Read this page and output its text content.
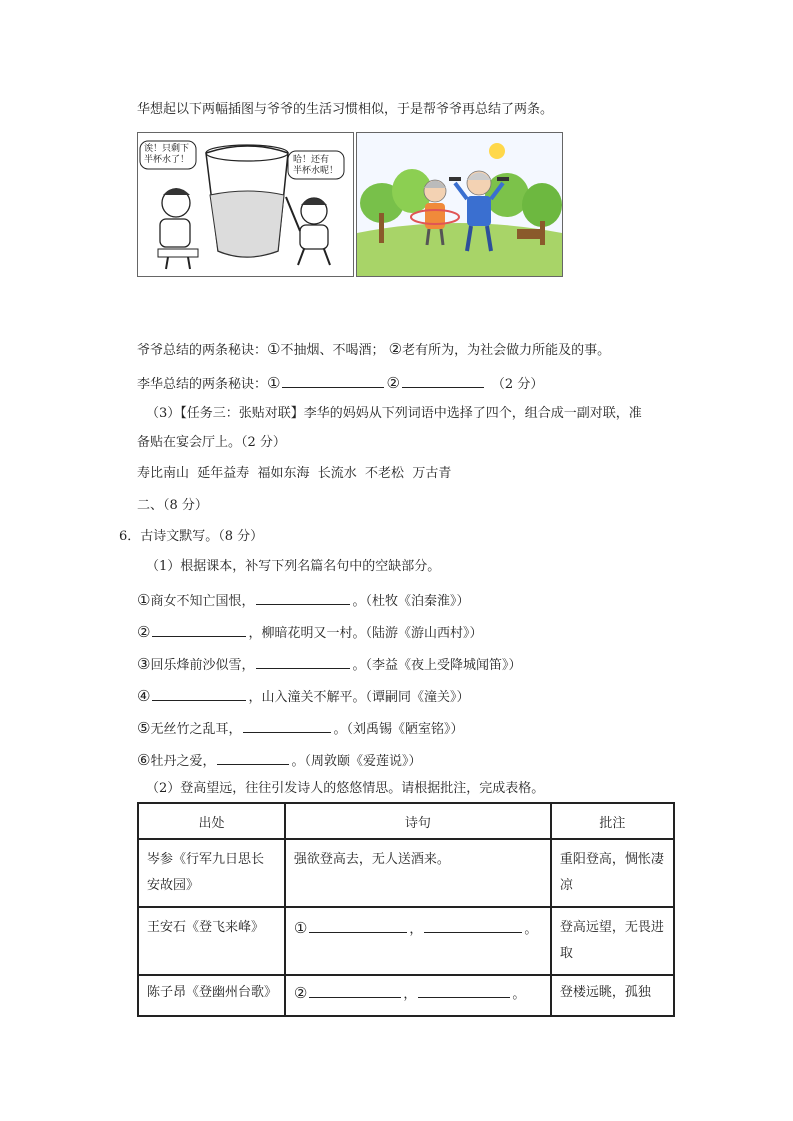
华想起以下两幅插图与爷爷的生活习惯相似，于是帮爷爷再总结了两条。
诶！只剩下
半杯水了！	哈！还有
半杯水呢！
爷爷总结的两条秘诀：①不抽烟、不喝酒； ②老有所为，为社会做力所能及的事。
李华总结的两条秘诀：①	②	（2 分）
（3）【任务三：张贴对联】李华的妈妈从下列词语中选择了四个，组合成一副对联，准
备贴在宴会厅上。（2 分）
寿比南山  延年益寿  福如东海  长流水  不老松  万古青
二、（8 分）
6．古诗文默写。（8 分）
（1）根据课本，补写下列名篇名句中的空缺部分。
①商女不知亡国恨，	。（杜牧《泊秦淮》）
②	，柳暗花明又一村。（陆游《游山西村》）
③回乐烽前沙似雪，	。（李益《夜上受降城闻笛》）
④	，山入潼关不解平。（谭嗣同《潼关》）
⑤无丝竹之乱耳，	。（刘禹锡《陋室铭》）
⑥牡丹之爱，	。（周敦颐《爱莲说》）
（2）登高望远，往往引发诗人的悠悠情思。请根据批注，完成表格。
出处	诗句	批注

岑参《行军九日思长安故园》	强欲登高去，无人送酒来。	重阳登高，惆怅凄凉

王安石《登飞来峰》	① ， 。	登高远望，无畏进取

陈子昂《登幽州台歌》	② ， 。	登楼远眺，孤独
